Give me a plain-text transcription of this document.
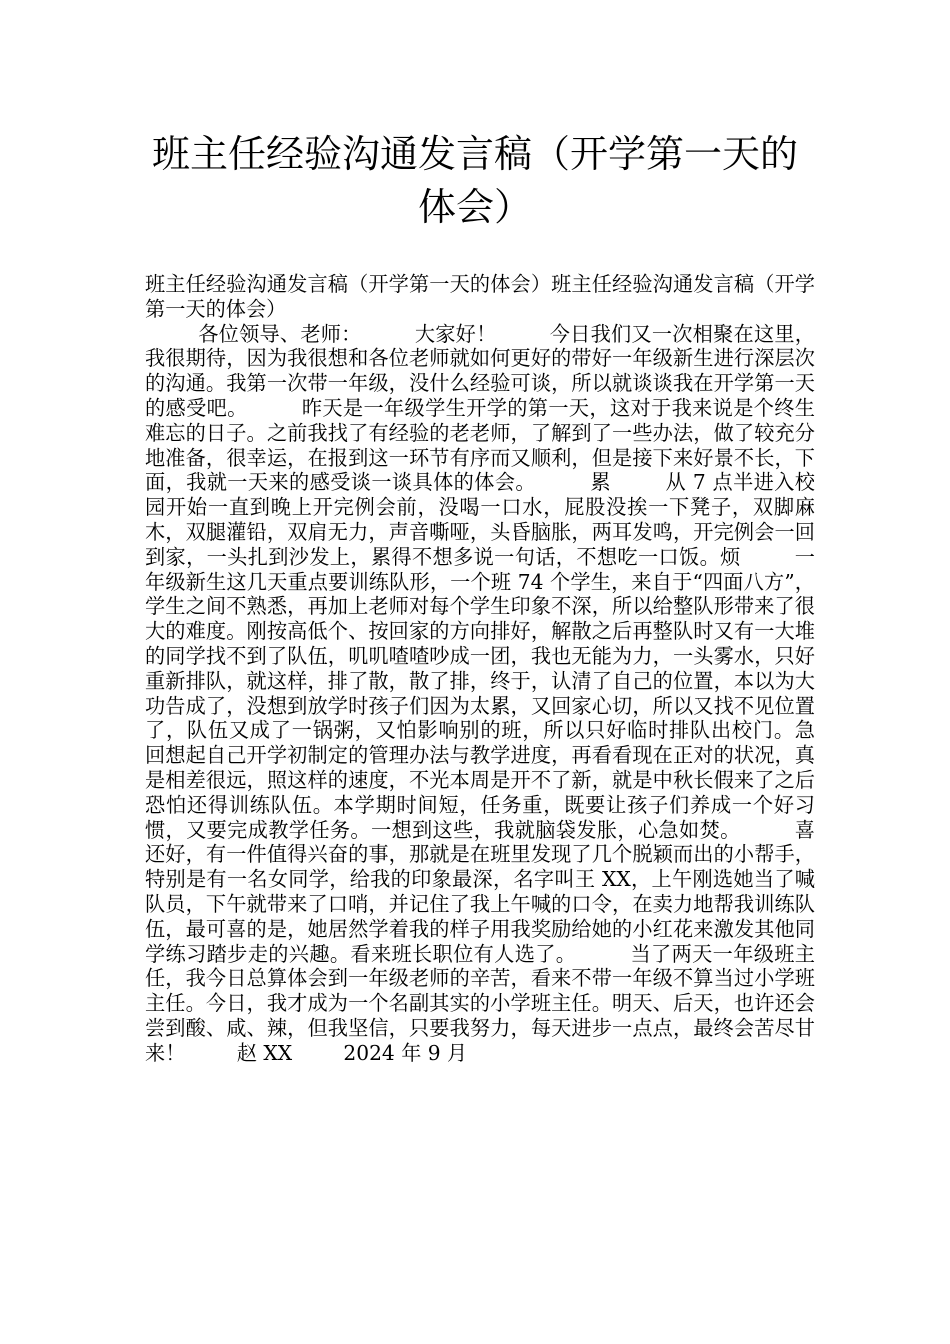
班主任经验沟通发言稿（开学第一天的体会）
班主任经验沟通发言稿（开学第一天的体会）班主任经验沟通发言稿（开学第一天的体会）
各位领导、老师：        大家好！        今日我们又一次相聚在这里，我很期待，因为我很想和各位老师就如何更好的带好一年级新生进行深层次的沟通。我第一次带一年级，没什么经验可谈，所以就谈谈我在开学第一天的感受吧。        昨天是一年级学生开学的第一天，这对于我来说是个终生难忘的日子。之前我找了有经验的老老师，了解到了一些办法，做了较充分地准备，很幸运，在报到这一环节有序而又顺利，但是接下来好景不长，下面，我就一天来的感受谈一谈具体的体会。        累        从 7 点半进入校园开始一直到晚上开完例会前，没喝一口水，屁股没挨一下凳子，双脚麻木，双腿灌铅，双肩无力，声音嘶哑，头昏脑胀，两耳发鸣，开完例会一回到家，一头扎到沙发上，累得不想多说一句话，不想吃一口饭。烦        一年级新生这几天重点要训练队形，一个班 74 个学生，来自于“四面八方”，学生之间不熟悉，再加上老师对每个学生印象不深，所以给整队形带来了很大的难度。刚按高低个、按回家的方向排好，解散之后再整队时又有一大堆的同学找不到了队伍，叽叽喳喳吵成一团，我也无能为力，一头雾水，只好重新排队，就这样，排了散，散了排，终于，认清了自己的位置，本以为大功告成了，没想到放学时孩子们因为太累，又回家心切，所以又找不见位置了，队伍又成了一锅粥，又怕影响别的班，所以只好临时排队出校门。急        回想起自己开学初制定的管理办法与教学进度，再看看现在正对的状况，真是相差很远，照这样的速度，不光本周是开不了新，就是中秋长假来了之后恐怕还得训练队伍。本学期时间短，任务重，既要让孩子们养成一个好习惯，又要完成教学任务。一想到这些，我就脑袋发胀，心急如焚。        喜        还好，有一件值得兴奋的事，那就是在班里发现了几个脱颖而出的小帮手，特别是有一名女同学，给我的印象最深，名字叫王 XX，上午刚选她当了喊队员，下午就带来了口哨，并记住了我上午喊的口令，在卖力地帮我训练队伍，最可喜的是，她居然学着我的样子用我奖励给她的小红花来激发其他同学练习踏步走的兴趣。看来班长职位有人选了。        当了两天一年级班主任，我今日总算体会到一年级老师的辛苦，看来不带一年级不算当过小学班主任。今日，我才成为一个名副其实的小学班主任。明天、后天，也许还会尝到酸、咸、辣，但我坚信，只要我努力，每天进步一点点，最终会苦尽甘来！        赵 XX        2024 年 9 月
